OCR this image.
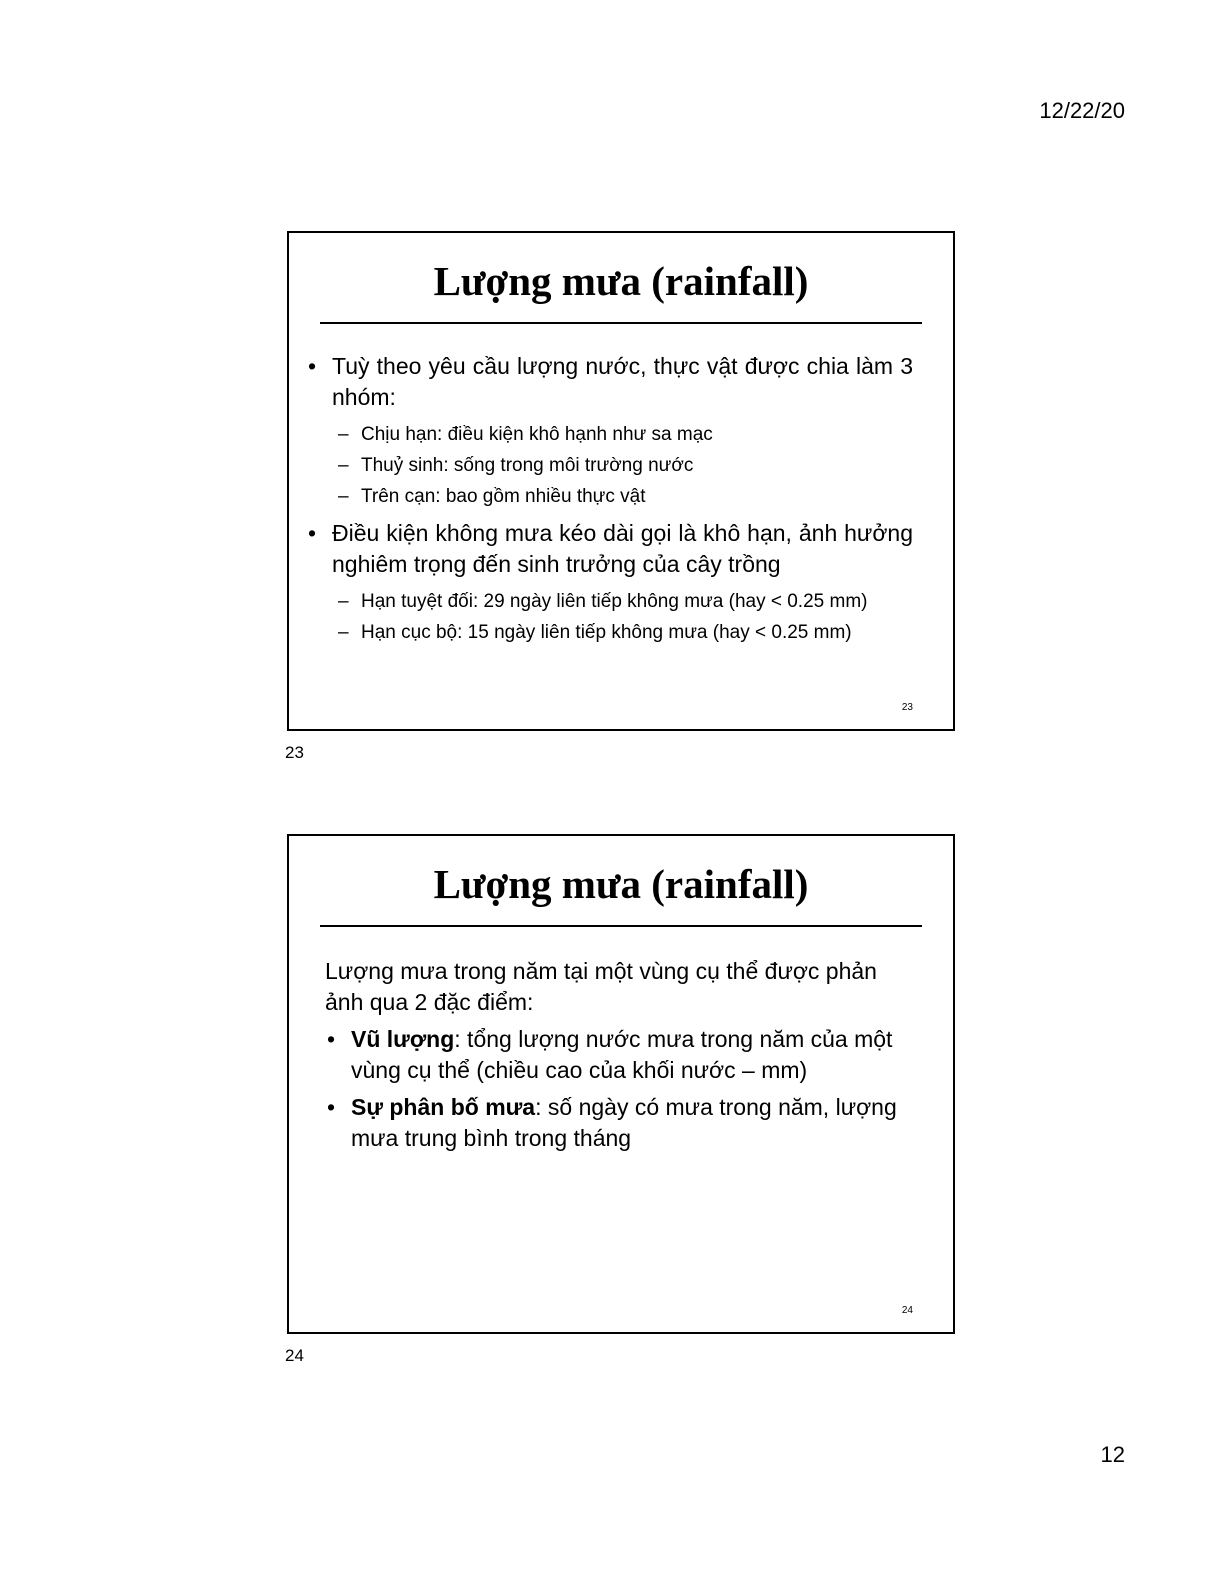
12/22/20
Lượng mưa (rainfall)
• Tuỳ theo yêu cầu lượng nước, thực vật được chia làm 3 nhóm:
– Chịu hạn: điều kiện khô hạnh như sa mạc
– Thuỷ sinh: sống trong môi trường nước
– Trên cạn: bao gồm nhiều thực vật
• Điều kiện không mưa kéo dài gọi là khô hạn, ảnh hưởng nghiêm trọng đến sinh trưởng của cây trồng
– Hạn tuyệt đối: 29 ngày liên tiếp không mưa (hay < 0.25 mm)
– Hạn cục bộ: 15 ngày liên tiếp không mưa (hay < 0.25 mm)
23
23
Lượng mưa (rainfall)
Lượng mưa trong năm tại một vùng cụ thể được phản ảnh qua 2 đặc điểm:
• Vũ lượng: tổng lượng nước mưa trong năm của một vùng cụ thể (chiều cao của khối nước – mm)
• Sự phân bố mưa: số ngày có mưa trong năm, lượng mưa trung bình trong tháng
24
24
12
